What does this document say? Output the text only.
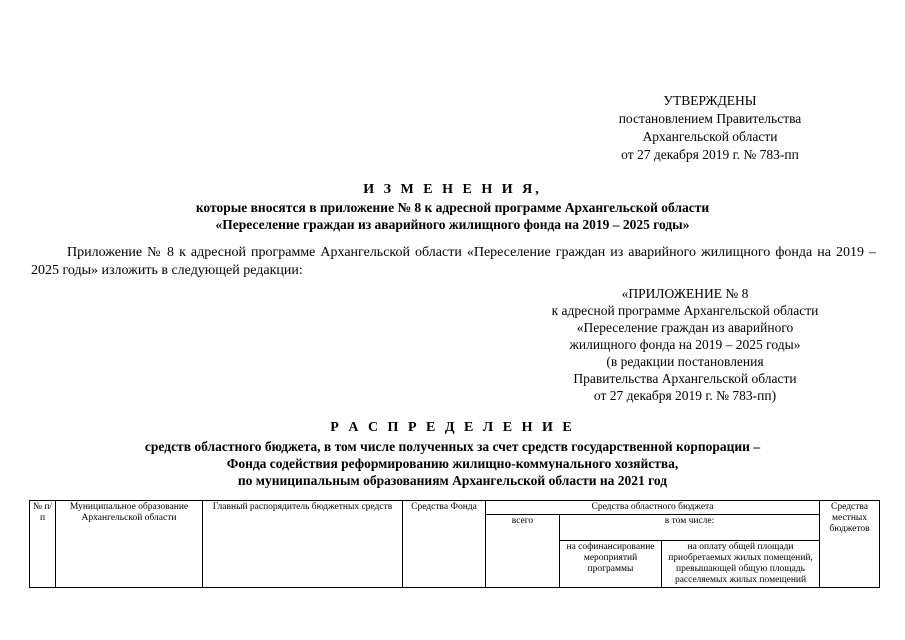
УТВЕРЖДЕНЫ
постановлением Правительства
Архангельской области
от 27 декабря 2019 г. № 783-пп
И З М Е Н Е Н И Я,
которые вносятся в приложение № 8 к адресной программе Архангельской области
«Переселение граждан из аварийного жилищного фонда на 2019 – 2025 годы»
Приложение № 8 к адресной программе Архангельской области «Переселение граждан из аварийного жилищного фонда на 2019 – 2025 годы» изложить в следующей редакции:
«ПРИЛОЖЕНИЕ № 8
к адресной программе Архангельской области
«Переселение граждан из аварийного
жилищного фонда на 2019 – 2025 годы»
(в редакции постановления
Правительства Архангельской области
от 27 декабря 2019 г. № 783-пп)
Р А С П Р Е Д Е Л Е Н И Е
средств областного бюджета, в том числе полученных за счет средств государственной корпорации –
Фонда содействия реформированию жилищно-коммунального хозяйства,
по муниципальным образованиям Архангельской области на 2021 год
№ п/п	Муниципальное образование Архангельской области	Главный распорядитель бюджетных средств	Средства Фонда	Средства областного бюджета			Средства местных бюджетов
				всего	в том числе:		
					на софинансирование мероприятий программы	на оплату общей площади приобретаемых жилых помещений, превышающей общую площадь расселяемых жилых помещений	
